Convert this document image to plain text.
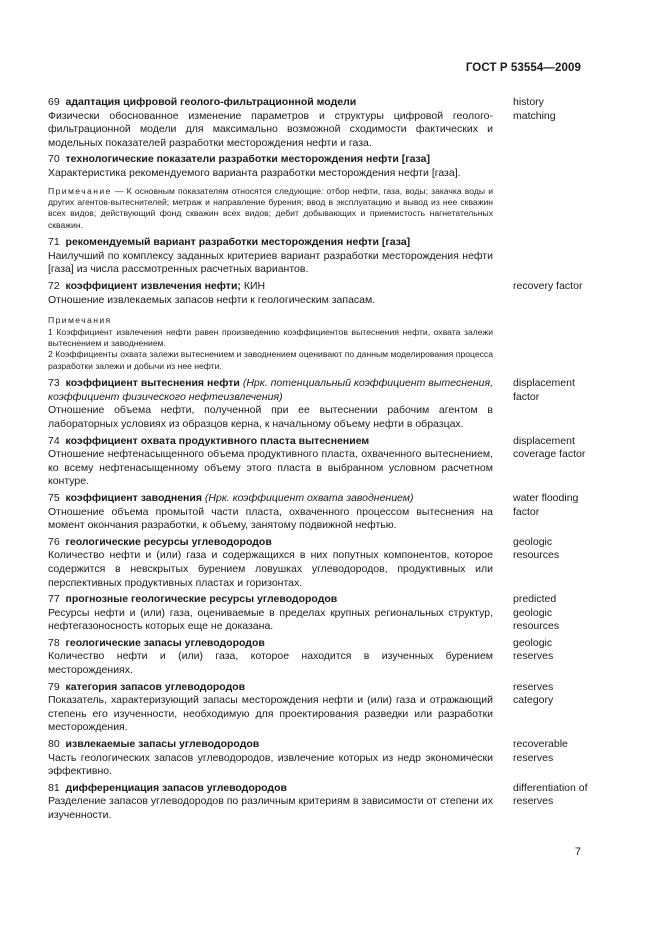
ГОСТ Р 53554—2009

69 адаптация цифровой геолого-фильтрационной модели

Физически обоснованное изменение параметров и структуры цифровой геолого-фильтрационной модели для максимально возможной сходимости фактических и модельных показателей разработки месторождения нефти и газа.

history matching

70 технологические показатели разработки месторождения нефти [газа]

Характеристика рекомендуемого варианта разработки месторождения нефти [газа].

Примечание — К основным показателям относятся следующие: отбор нефти, газа, воды; закачка воды и других агентов-вытеснителей; метраж и направление бурения; ввод в эксплуатацию и вывод из нее скважин всех видов; действующий фонд скважин всех видов; дебит добывающих и приемистость нагнетательных скважин.

71 рекомендуемый вариант разработки месторождения нефти [газа]

Наилучший по комплексу заданных критериев вариант разработки месторождения нефти [газа] из числа рассмотренных расчетных вариантов.

72 коэффициент извлечения нефти; КИН

Отношение извлекаемых запасов нефти к геологическим запасам.

recovery factor

Примечания

1 Коэффициент извлечения нефти равен произведению коэффициентов вытеснения нефти, охвата залежи вытеснением и заводнением.

2 Коэффициенты охвата залежи вытеснением и заводнением оценивают по данным моделирования процесса разработки залежи и добычи из нее нефти.

73 коэффициент вытеснения нефти (Нрк. потенциальный коэффициент вытеснения, коэффициент физического нефтеизвлечения)

Отношение объема нефти, полученной при ее вытеснении рабочим агентом в лабораторных условиях из образцов керна, к начальному объему нефти в образцах.

displacement factor

74 коэффициент охвата продуктивного пласта вытеснением

Отношение нефтенасыщенного объема продуктивного пласта, охваченного вытеснением, ко всему нефтенасыщенному объему этого пласта в выбранном условном расчетном контуре.

displacement coverage factor

75 коэффициент заводнения (Нрк. коэффициент охвата заводнением)

Отношение объема промытой части пласта, охваченного процессом вытеснения на момент окончания разработки, к объему, занятому подвижной нефтью.

water flooding factor

76 геологические ресурсы углеводородов

Количество нефти и (или) газа и содержащихся в них попутных компонентов, которое содержится в невскрытых бурением ловушках углеводородов, продуктивных или перспективных продуктивных пластах и горизонтах.

geologic resources

77 прогнозные геологические ресурсы углеводородов

Ресурсы нефти и (или) газа, оцениваемые в пределах крупных региональных структур, нефтегазоносность которых еще не доказана.

predicted geologic resources

78 геологические запасы углеводородов

Количество нефти и (или) газа, которое находится в изученных бурением месторождениях.

geologic reserves

79 категория запасов углеводородов

Показатель, характеризующий запасы месторождения нефти и (или) газа и отражающий степень его изученности, необходимую для проектирования разведки или разработки месторождения.

reserves category

80 извлекаемые запасы углеводородов

Часть геологических запасов углеводородов, извлечение которых из недр экономически эффективно.

recoverable reserves

81 дифференциация запасов углеводородов

Разделение запасов углеводородов по различным критериям в зависимости от степени их изученности.

differentiation of reserves
7
